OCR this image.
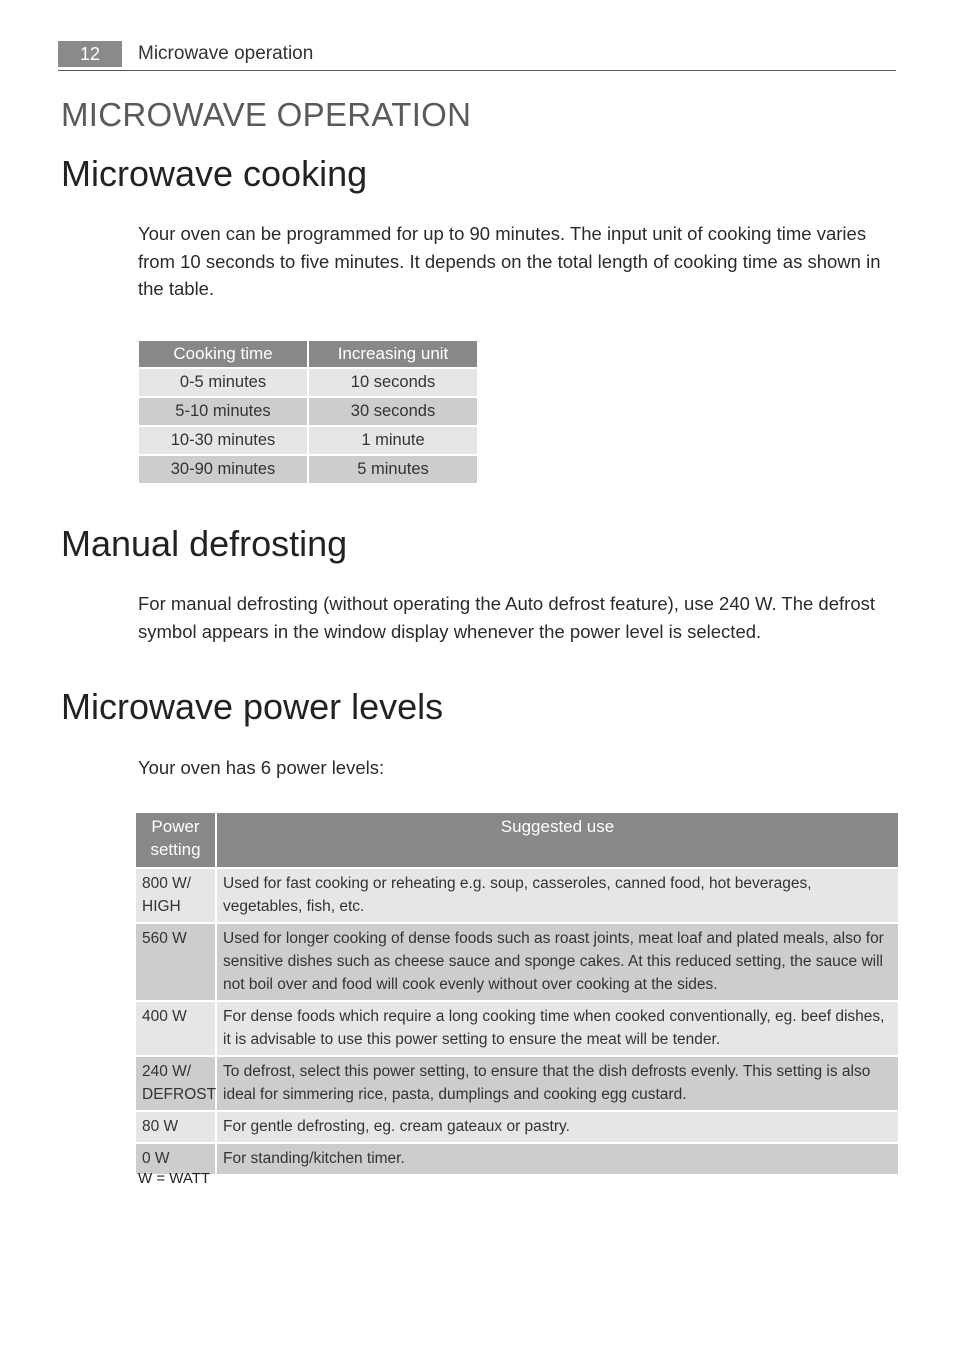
12	Microwave operation
MICROWAVE OPERATION
Microwave cooking

Your oven can be programmed for up to 90 minutes. The input unit of cooking time varies from 10 seconds to five minutes. It depends on the total length of cooking time as shown in the table.

Cooking time	Increasing unit
0-5 minutes	10 seconds
5-10 minutes	30 seconds
10-30 minutes	1 minute
30-90 minutes	5 minutes
Manual defrosting

For manual defrosting (without operating the Auto defrost feature), use 240 W. The defrost symbol appears in the window display whenever the power level is selected.

Microwave power levels

Your oven has 6 power levels:

Power setting	Suggested use
800 W/ HIGH	Used for fast cooking or reheating e.g. soup, casseroles, canned food, hot beverages, vegetables, fish, etc.
560 W	Used for longer cooking of dense foods such as roast joints, meat loaf and plated meals, also for sensitive dishes such as cheese sauce and sponge cakes. At this reduced setting, the sauce will not boil over and food will cook evenly without over cooking at the sides.
400 W	For dense foods which require a long cooking time when cooked conventionally, eg. beef dishes, it is advisable to use this power setting to ensure the meat will be tender.
240 W/ DEFROST	To defrost, select this power setting, to ensure that the dish defrosts evenly. This setting is also ideal for simmering rice, pasta, dumplings and cooking egg custard.
80 W	For gentle defrosting, eg. cream gateaux or pastry.
0 W	For standing/kitchen timer.
W = WATT
